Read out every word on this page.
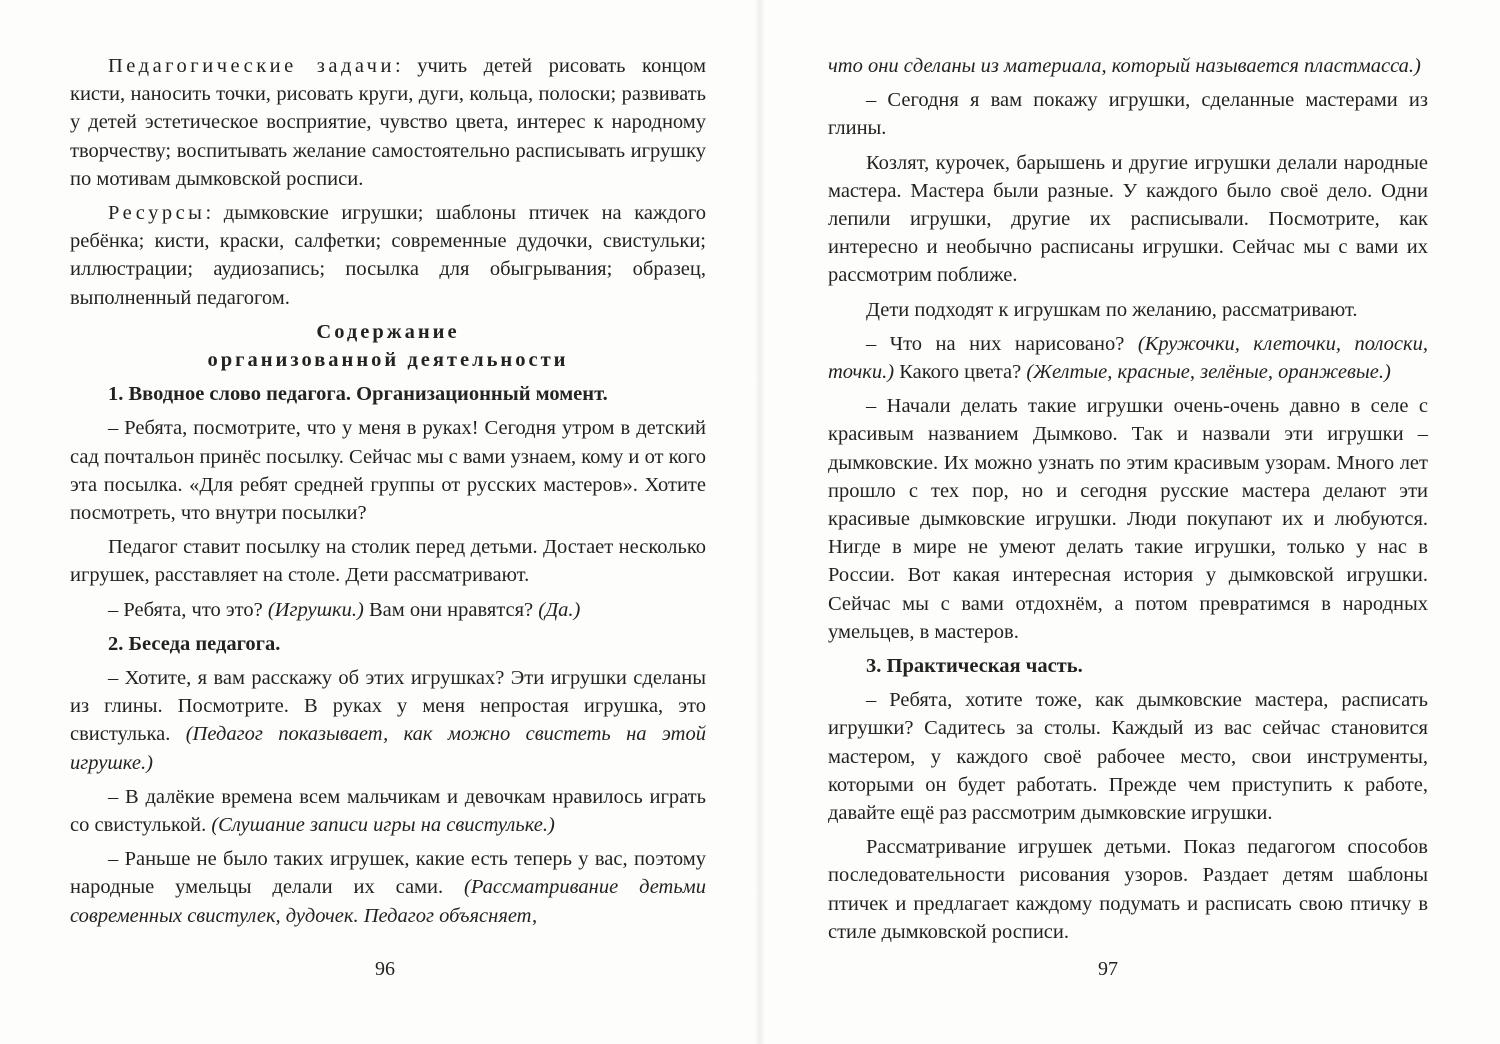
Педагогические задачи: учить детей рисовать концом кисти, наносить точки, рисовать круги, дуги, кольца, полоски; развивать у детей эстетическое восприятие, чувство цвета, интерес к народному творчеству; воспитывать желание самостоятельно расписывать игрушку по мотивам дымковской росписи.

Ресурсы: дымковские игрушки; шаблоны птичек на каждого ребёнка; кисти, краски, салфетки; современные дудочки, свистульки; иллюстрации; аудиозапись; посылка для обыгрывания; образец, выполненный педагогом.

Содержание
организованной деятельности

1. Вводное слово педагога. Организационный момент.

– Ребята, посмотрите, что у меня в руках! Сегодня утром в детский сад почтальон принёс посылку. Сейчас мы с вами узнаем, кому и от кого эта посылка. «Для ребят средней группы от русских мастеров». Хотите посмотреть, что внутри посылки?

Педагог ставит посылку на столик перед детьми. Достает несколько игрушек, расставляет на столе. Дети рассматривают.

– Ребята, что это? (Игрушки.) Вам они нравятся? (Да.)

2. Беседа педагога.

– Хотите, я вам расскажу об этих игрушках? Эти игрушки сделаны из глины. Посмотрите. В руках у меня непростая игрушка, это свистулька. (Педагог показывает, как можно свистеть на этой игрушке.)

– В далёкие времена всем мальчикам и девочкам нравилось играть со свистулькой. (Слушание записи игры на свистульке.)

– Раньше не было таких игрушек, какие есть теперь у вас, поэтому народные умельцы делали их сами. (Рассматривание детьми современных свистулек, дудочек. Педагог объясняет,

96

что они сделаны из материала, который называется пластмасса.)

– Сегодня я вам покажу игрушки, сделанные мастерами из глины.

Козлят, курочек, барышень и другие игрушки делали народные мастера. Мастера были разные. У каждого было своё дело. Одни лепили игрушки, другие их расписывали. Посмотрите, как интересно и необычно расписаны игрушки. Сейчас мы с вами их рассмотрим поближе.

Дети подходят к игрушкам по желанию, рассматривают.

– Что на них нарисовано? (Кружочки, клеточки, полоски, точки.) Какого цвета? (Желтые, красные, зелёные, оранжевые.)

– Начали делать такие игрушки очень-очень давно в селе с красивым названием Дымково. Так и назвали эти игрушки – дымковские. Их можно узнать по этим красивым узорам. Много лет прошло с тех пор, но и сегодня русские мастера делают эти красивые дымковские игрушки. Люди покупают их и любуются. Нигде в мире не умеют делать такие игрушки, только у нас в России. Вот какая интересная история у дымковской игрушки. Сейчас мы с вами отдохнём, а потом превратимся в народных умельцев, в мастеров.

3. Практическая часть.

– Ребята, хотите тоже, как дымковские мастера, расписать игрушки? Садитесь за столы. Каждый из вас сейчас становится мастером, у каждого своё рабочее место, свои инструменты, которыми он будет работать. Прежде чем приступить к работе, давайте ещё раз рассмотрим дымковские игрушки.

Рассматривание игрушек детьми. Показ педагогом способов последовательности рисования узоров. Раздает детям шаблоны птичек и предлагает каждому подумать и расписать свою птичку в стиле дымковской росписи.

97
